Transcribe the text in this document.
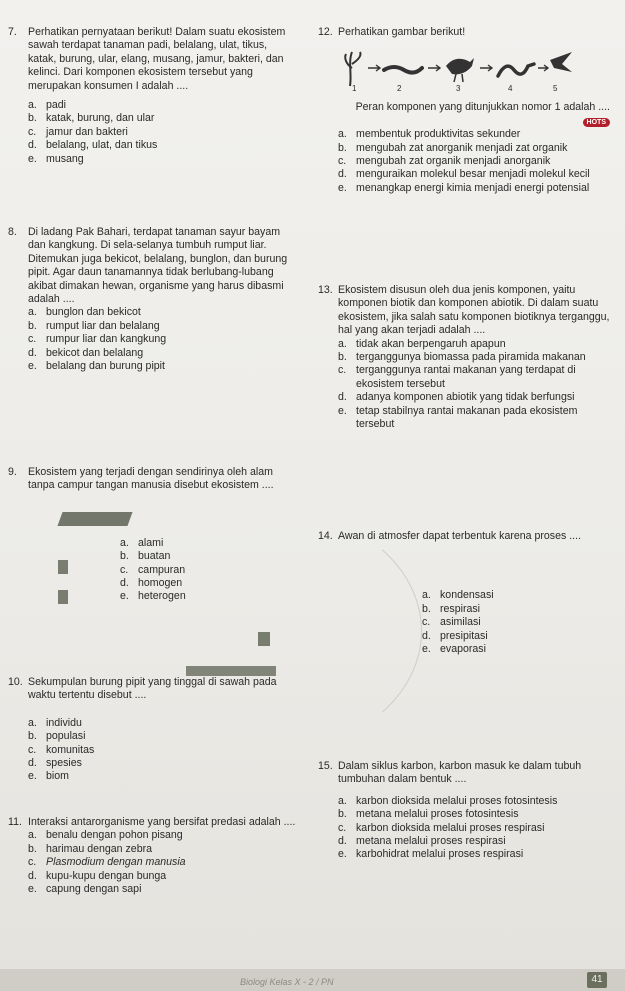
7. Perhatikan pernyataan berikut! Dalam suatu ekosistem sawah terdapat tanaman padi, belalang, ulat, tikus, katak, burung, ular, elang, musang, jamur, bakteri, dan kelinci. Dari komponen ekosistem tersebut yang merupakan konsumen I adalah ....
a. padi
b. katak, burung, dan ular
c. jamur dan bakteri
d. belalang, ulat, dan tikus
e. musang
8. Di ladang Pak Bahari, terdapat tanaman sayur bayam dan kangkung. Di sela-selanya tumbuh rumput liar. Ditemukan juga bekicot, belalang, bunglon, dan burung pipit. Agar daun tanamannya tidak berlubang-lubang akibat dimakan hewan, organisme yang harus dibasmi adalah ....
a. bunglon dan bekicot
b. rumput liar dan belalang
c. rumpur liar dan kangkung
d. bekicot dan belalang
e. belalang dan burung pipit
9. Ekosistem yang terjadi dengan sendirinya oleh alam tanpa campur tangan manusia disebut ekosistem ....
a. alami
b. buatan
c. campuran
d. homogen
e. heterogen
10. Sekumpulan burung pipit yang tinggal di sawah pada waktu tertentu disebut ....
a. individu
b. populasi
c. komunitas
d. spesies
e. biom
11. Interaksi antarorganisme yang bersifat predasi adalah ....
a. benalu dengan pohon pisang
b. harimau dengan zebra
c. Plasmodium dengan manusia
d. kupu-kupu dengan bunga
e. capung dengan sapi
12. Perhatikan gambar berikut!
Peran komponen yang ditunjukkan nomor 1 adalah .... HOTS
a. membentuk produktivitas sekunder
b. mengubah zat anorganik menjadi zat organik
c. mengubah zat organik menjadi anorganik
d. menguraikan molekul besar menjadi molekul kecil
e. menangkap energi kimia menjadi energi potensial
13. Ekosistem disusun oleh dua jenis komponen, yaitu komponen biotik dan komponen abiotik. Di dalam suatu ekosistem, jika salah satu komponen biotiknya terganggu, hal yang akan terjadi adalah ....
a. tidak akan berpengaruh apapun
b. terganggunya biomassa pada piramida makanan
c. terganggunya rantai makanan yang terdapat di ekosistem tersebut
d. adanya komponen abiotik yang tidak berfungsi
e. tetap stabilnya rantai makanan pada ekosistem tersebut
14. Awan di atmosfer dapat terbentuk karena proses ....
a. kondensasi
b. respirasi
c. asimilasi
d. presipitasi
e. evaporasi
15. Dalam siklus karbon, karbon masuk ke dalam tubuh tumbuhan dalam bentuk ....
a. karbon dioksida melalui proses fotosintesis
b. metana melalui proses fotosintesis
c. karbon dioksida melalui proses respirasi
d. metana melalui proses respirasi
e. karbohidrat melalui proses respirasi
1	2	3	4	5
Biologi Kelas X - 2 / PN	41
